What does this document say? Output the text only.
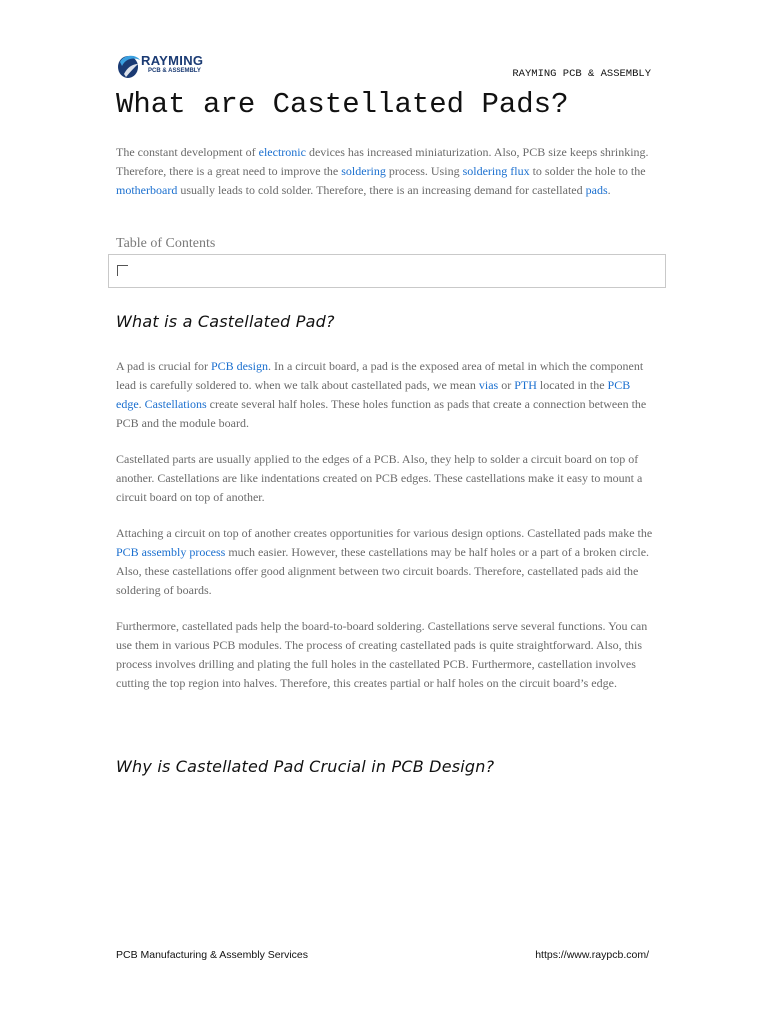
RAYMING
PCB & ASSEMBLY	RAYMING PCB & ASSEMBLY
What are Castellated Pads?

The constant development of electronic devices has increased miniaturization. Also, PCB size keeps shrinking. Therefore, there is a great need to improve the soldering process. Using soldering flux to solder the hole to the motherboard usually leads to cold solder. Therefore, there is an increasing demand for castellated pads.

Table of Contents
What is a Castellated Pad?

A pad is crucial for PCB design. In a circuit board, a pad is the exposed area of metal in which the component lead is carefully soldered to. when we talk about castellated pads, we mean vias or PTH located in the PCB edge. Castellations create several half holes. These holes function as pads that create a connection between the PCB and the module board.

Castellated parts are usually applied to the edges of a PCB. Also, they help to solder a circuit board on top of another. Castellations are like indentations created on PCB edges. These castellations make it easy to mount a circuit board on top of another.

Attaching a circuit on top of another creates opportunities for various design options. Castellated pads make the PCB assembly process much easier. However, these castellations may be half holes or a part of a broken circle. Also, these castellations offer good alignment between two circuit boards. Therefore, castellated pads aid the soldering of boards.

Furthermore, castellated pads help the board-to-board soldering. Castellations serve several functions. You can use them in various PCB modules. The process of creating castellated pads is quite straightforward. Also, this process involves drilling and plating the full holes in the castellated PCB. Furthermore, castellation involves cutting the top region into halves. Therefore, this creates partial or half holes on the circuit board’s edge.

Why is Castellated Pad Crucial in PCB Design?
PCB Manufacturing & Assembly Services	https://www.raypcb.com/
